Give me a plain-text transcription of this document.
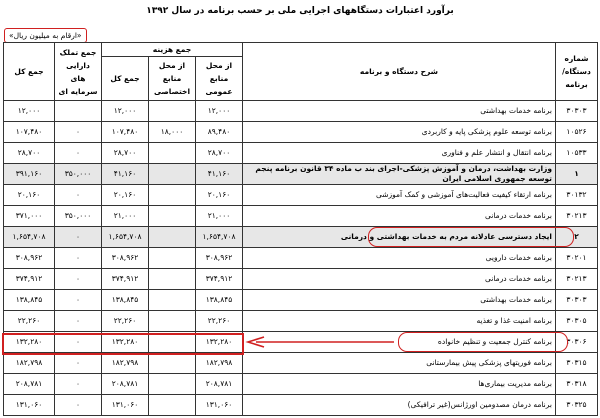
برآورد اعتبارات دستگاههای اجرایی ملی بر حسب برنامه در سال ۱۳۹۲
«ارقام به میلیون ریال»
شماره دستگاه/ برنامه	شرح دستگاه و برنامه	جمع هزینه			جمع تملک دارایی های سرمایه ای	جمع کل
		از محل منابع عمومی	از محل منابع اختصاصی	جمع کل		
۳۰۳۰۳	برنامه خدمات بهداشتی	۱۲,۰۰۰		۱۲,۰۰۰		۱۲,۰۰۰
۱۰۵۲۶	برنامه توسعه علوم پزشکی پایه و کاربردی	۸۹,۴۸۰	۱۸,۰۰۰	۱۰۷,۴۸۰	۰	۱۰۷,۴۸۰
۱۰۵۳۳	برنامه انتقال و انتشار علم و فناوری	۲۸,۷۰۰		۲۸,۷۰۰	۰	۲۸,۷۰۰
۱	وزارت بهداشت، درمان و آموزش پزشکی-اجرای بند ب ماده ۳۴ قانون برنامه پنجم توسعه جمهوری اسلامی ایران	۴۱,۱۶۰		۴۱,۱۶۰	۳۵۰,۰۰۰	۳۹۱,۱۶۰
۳۰۱۳۲	برنامه ارتقاء کیفیت فعالیت‌های آموزشی و کمک آموزشی	۲۰,۱۶۰		۲۰,۱۶۰	۰	۲۰,۱۶۰
۳۰۲۱۳	برنامه خدمات درمانی	۲۱,۰۰۰		۲۱,۰۰۰	۳۵۰,۰۰۰	۳۷۱,۰۰۰
۲	ایجاد دسترسی عادلانه مردم به خدمات بهداشتی و درمانی	۱,۶۵۴,۷۰۸		۱,۶۵۴,۷۰۸	۰	۱,۶۵۴,۷۰۸
۳۰۲۰۱	برنامه خدمات دارویی	۳۰۸,۹۶۲		۳۰۸,۹۶۲	۰	۳۰۸,۹۶۲
۳۰۲۱۳	برنامه خدمات درمانی	۳۷۴,۹۱۲		۳۷۴,۹۱۲	۰	۳۷۴,۹۱۲
۳۰۳۰۳	برنامه خدمات بهداشتی	۱۳۸,۸۴۵		۱۳۸,۸۴۵	۰	۱۳۸,۸۴۵
۳۰۳۰۵	برنامه امنیت غذا و تغذیه	۲۲,۲۶۰		۲۲,۲۶۰	۰	۲۲,۲۶۰
۳۰۳۰۶	برنامه کنترل جمعیت و تنظیم خانواده	۱۳۲,۲۸۰		۱۳۲,۲۸۰	۰	۱۳۲,۲۸۰
۳۰۳۱۵	برنامه فوریتهای پزشکی پیش بیمارستانی	۱۸۲,۷۹۸		۱۸۲,۷۹۸	۰	۱۸۲,۷۹۸
۳۰۳۱۸	برنامه مدیریت بیماری‌ها	۲۰۸,۷۸۱		۲۰۸,۷۸۱	۰	۲۰۸,۷۸۱
۳۰۳۲۵	برنامه درمان مصدومین اورژانس(غیر ترافیکی)	۱۳۱,۰۶۰		۱۳۱,۰۶۰	۰	۱۳۱,۰۶۰
